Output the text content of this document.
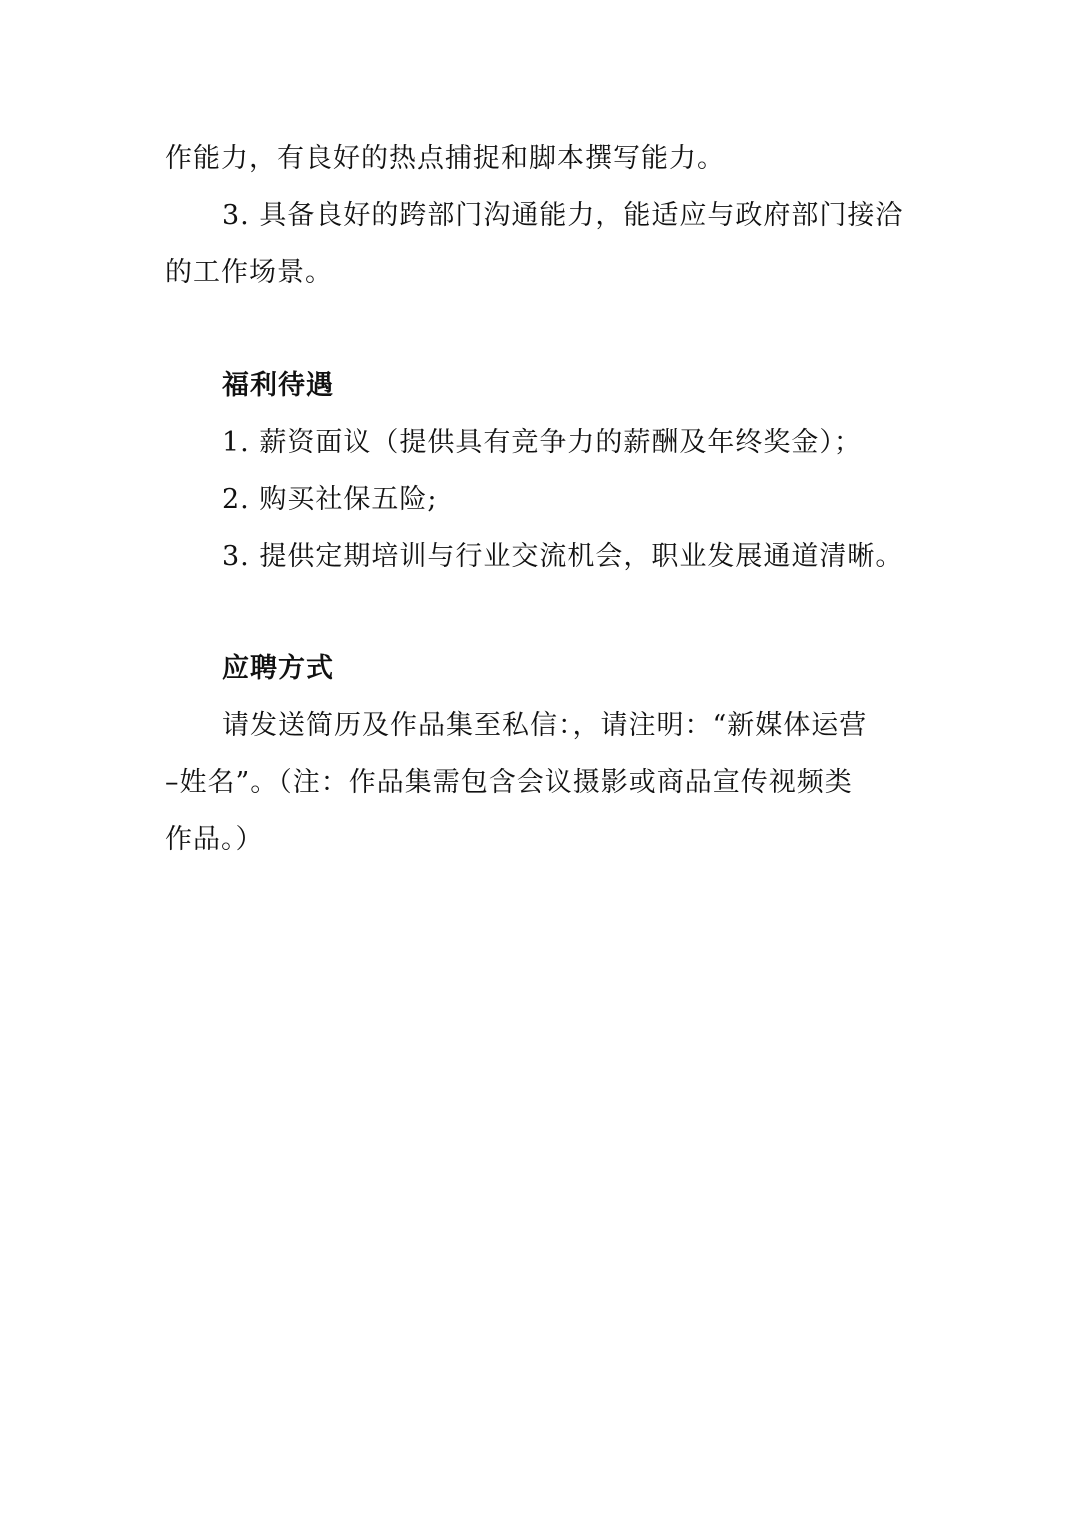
作能力，有良好的热点捕捉和脚本撰写能力。
3. 具备良好的跨部门沟通能力，能适应与政府部门接洽
的工作场景。
福利待遇
1. 薪资面议（提供具有竞争力的薪酬及年终奖金）；
2. 购买社保五险;
3. 提供定期培训与行业交流机会，职业发展通道清晰。
应聘方式
请发送简历及作品集至私信：，请注明：“新媒体运营
–姓名”。（注：作品集需包含会议摄影或商品宣传视频类
作品。）
